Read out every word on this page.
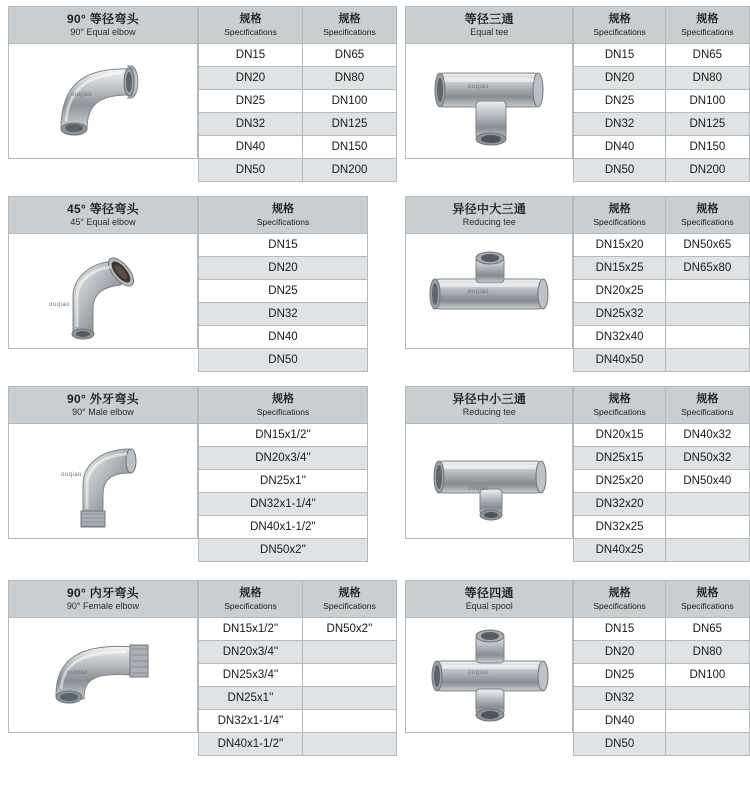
90° 等径弯头
90° Equal elbow
ouqiao
规格
Specifications	规格
Specifications

DN15	DN65
DN20	DN80
DN25	DN100
DN32	DN125
DN40	DN150
DN50	DN200
等径三通
Equal tee
ouqiao
规格
Specifications	规格
Specifications

DN15	DN65
DN20	DN80
DN25	DN100
DN32	DN125
DN40	DN150
DN50	DN200
45° 等径弯头
45° Equal elbow
ouqiao
规格
Specifications

DN15
DN20
DN25
DN32
DN40
DN50
异径中大三通
Reducing tee
ouqiao
规格
Specifications	规格
Specifications

DN15x20	DN50x65
DN15x25	DN65x80
DN20x25	
DN25x32	
DN32x40	
DN40x50	
90° 外牙弯头
90° Male elbow
ouqiao
规格
Specifications

DN15x1/2''
DN20x3/4''
DN25x1''
DN32x1-1/4''
DN40x1-1/2''
DN50x2''
异径中小三通
Reducing tee
ouqiao
规格
Specifications	规格
Specifications

DN20x15	DN40x32
DN25x15	DN50x32
DN25x20	DN50x40
DN32x20	
DN32x25	
DN40x25	
90° 内牙弯头
90° Female elbow
ouqiao
规格
Specifications	规格
Specifications

DN15x1/2''	DN50x2''
DN20x3/4''	
DN25x3/4''	
DN25x1''	
DN32x1-1/4''	
DN40x1-1/2''	
等径四通
Equal spool
ouqiao
规格
Specifications	规格
Specifications

DN15	DN65
DN20	DN80
DN25	DN100
DN32	
DN40	
DN50	
